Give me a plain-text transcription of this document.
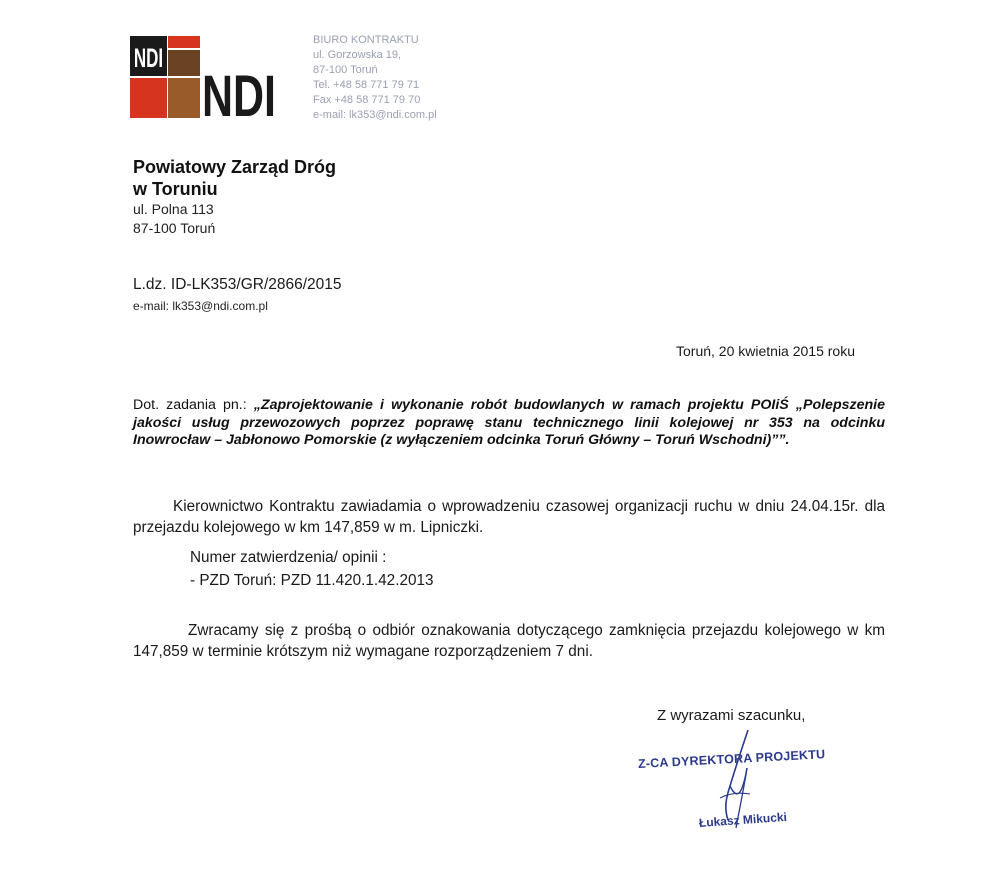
NDI
NDI
BIURO KONTRAKTU
ul. Gorzowska 19,
87-100 Toruń
Tel. +48 58 771 79 71
Fax +48 58 771 79 70
e-mail: lk353@ndi.com.pl
Powiatowy Zarząd Dróg
w Toruniu
ul. Polna 113
87-100 Toruń
L.dz. ID-LK353/GR/2866/2015
e-mail: lk353@ndi.com.pl
Toruń, 20 kwietnia 2015 roku
Dot. zadania pn.: „Zaprojektowanie i wykonanie robót budowlanych w ramach projektu POIiŚ „Polepszenie jakości usług przewozowych poprzez poprawę stanu technicznego linii kolejowej nr 353 na odcinku Inowrocław – Jabłonowo Pomorskie (z wyłączeniem odcinka Toruń Główny – Toruń Wschodni)””.
Kierownictwo Kontraktu zawiadamia o wprowadzeniu czasowej organizacji ruchu w dniu 24.04.15r. dla przejazdu kolejowego w km 147,859 w m. Lipniczki.
Numer zatwierdzenia/ opinii :
- PZD Toruń: PZD 11.420.1.42.2013
Zwracamy się z prośbą o odbiór oznakowania dotyczącego zamknięcia przejazdu kolejowego w km 147,859 w terminie krótszym niż wymagane rozporządzeniem 7 dni.
Z wyrazami szacunku,
Z-CA DYREKTORA PROJEKTU
Łukasz Mikucki
